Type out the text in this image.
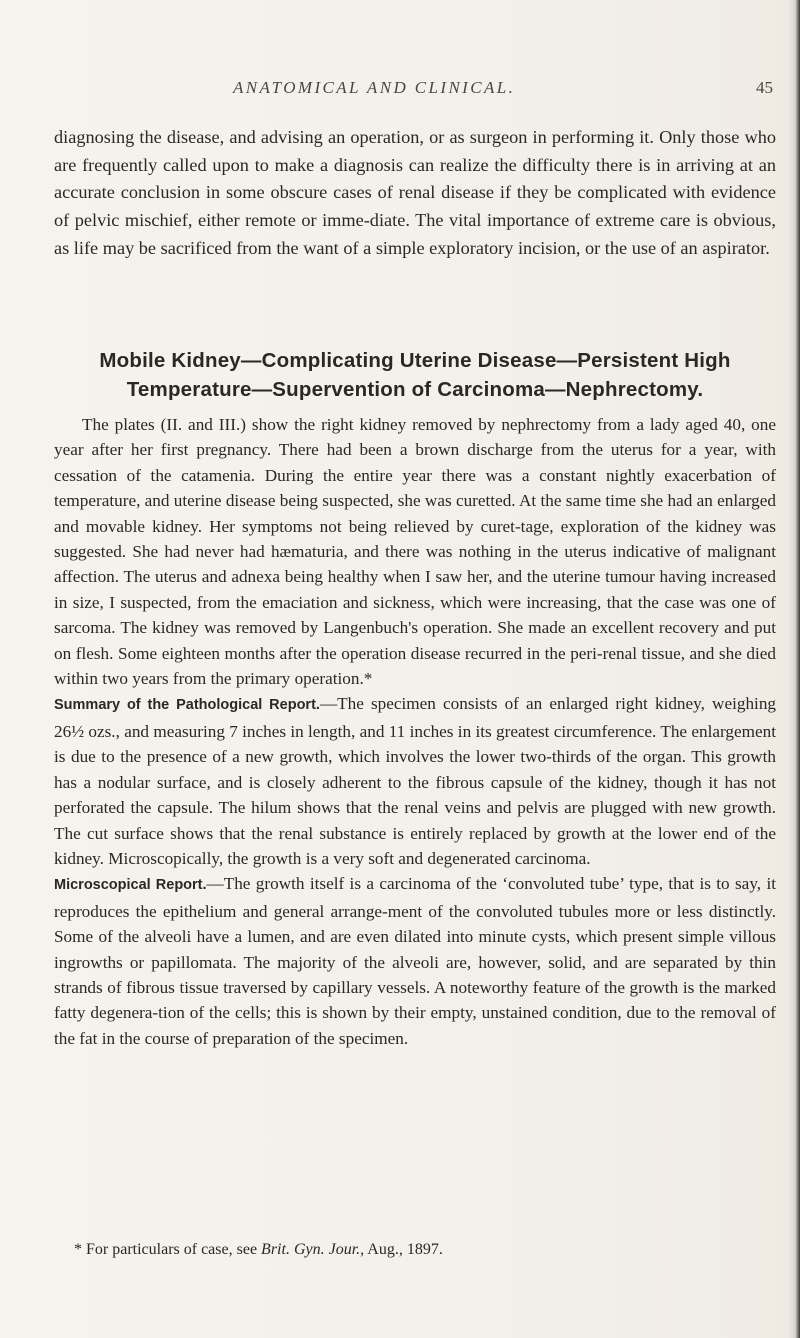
ANATOMICAL AND CLINICAL.	45
diagnosing the disease, and advising an operation, or as surgeon in performing it. Only those who are frequently called upon to make a diagnosis can realize the difficulty there is in arriving at an accurate conclusion in some obscure cases of renal disease if they be complicated with evidence of pelvic mischief, either remote or imme-diate. The vital importance of extreme care is obvious, as life may be sacrificed from the want of a simple exploratory incision, or the use of an aspirator.
Mobile Kidney—Complicating Uterine Disease—Persistent High Temperature—Supervention of Carcinoma—Nephrectomy.

The plates (II. and III.) show the right kidney removed by nephrectomy from a lady aged 40, one year after her first pregnancy. There had been a brown discharge from the uterus for a year, with cessation of the catamenia. During the entire year there was a constant nightly exacerbation of temperature, and uterine disease being suspected, she was curetted. At the same time she had an enlarged and movable kidney. Her symptoms not being relieved by curet-tage, exploration of the kidney was suggested. She had never had hæmaturia, and there was nothing in the uterus indicative of malignant affection. The uterus and adnexa being healthy when I saw her, and the uterine tumour having increased in size, I suspected, from the emaciation and sickness, which were increasing, that the case was one of sarcoma. The kidney was removed by Langenbuch's operation. She made an excellent recovery and put on flesh. Some eighteen months after the operation disease recurred in the peri-renal tissue, and she died within two years from the primary operation.*

Summary of the Pathological Report.—The specimen consists of an enlarged right kidney, weighing 26½ ozs., and measuring 7 inches in length, and 11 inches in its greatest circumference. The enlargement is due to the presence of a new growth, which involves the lower two-thirds of the organ. This growth has a nodular surface, and is closely adherent to the fibrous capsule of the kidney, though it has not perforated the capsule. The hilum shows that the renal veins and pelvis are plugged with new growth. The cut surface shows that the renal substance is entirely replaced by growth at the lower end of the kidney. Microscopically, the growth is a very soft and degenerated carcinoma.

Microscopical Report.—The growth itself is a carcinoma of the ‘convoluted tube’ type, that is to say, it reproduces the epithelium and general arrange-ment of the convoluted tubules more or less distinctly. Some of the alveoli have a lumen, and are even dilated into minute cysts, which present simple villous ingrowths or papillomata. The majority of the alveoli are, however, solid, and are separated by thin strands of fibrous tissue traversed by capillary vessels. A noteworthy feature of the growth is the marked fatty degenera-tion of the cells; this is shown by their empty, unstained condition, due to the removal of the fat in the course of preparation of the specimen.

* For particulars of case, see Brit. Gyn. Jour., Aug., 1897.
